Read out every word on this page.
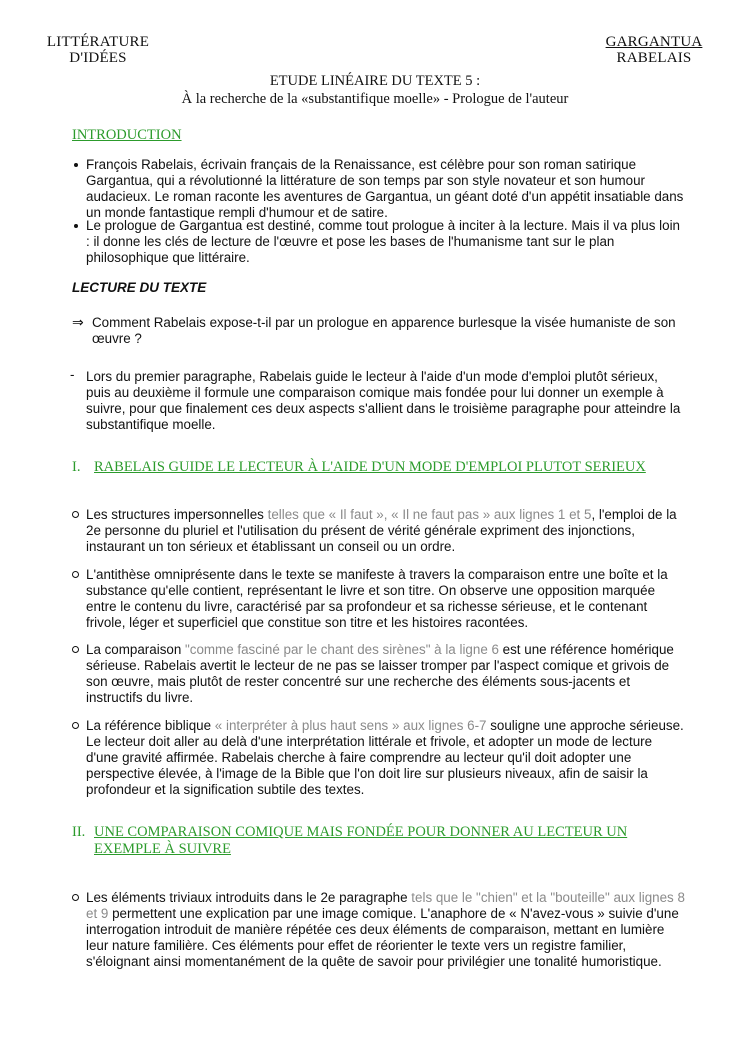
LITTÉRATURE
D'IDÉES
GARGANTUA
RABELAIS
ETUDE LINÉAIRE DU TEXTE 5 :
À la recherche de la «substantifique moelle» - Prologue de l'auteur
INTRODUCTION
François Rabelais, écrivain français de la Renaissance, est célèbre pour son roman satirique Gargantua, qui a révolutionné la littérature de son temps par son style novateur et son humour audacieux. Le roman raconte les aventures de Gargantua, un géant doté d'un appétit insatiable dans un monde fantastique rempli d'humour et de satire.
Le prologue de Gargantua est destiné, comme tout prologue à inciter à la lecture. Mais il va plus loin : il donne les clés de lecture de l'œuvre et pose les bases de l'humanisme tant sur le plan philosophique que littéraire.
LECTURE DU TEXTE
⇒ Comment Rabelais expose-t-il par un prologue en apparence burlesque la visée humaniste de son œuvre ?
- Lors du premier paragraphe, Rabelais guide le lecteur à l'aide d'un mode d'emploi plutôt sérieux, puis au deuxième il formule une comparaison comique mais fondée pour lui donner un exemple à suivre, pour que finalement ces deux aspects s'allient dans le troisième paragraphe pour atteindre la substantifique moelle.
I. RABELAIS GUIDE LE LECTEUR À L'AIDE D'UN MODE D'EMPLOI PLUTOT SERIEUX
Les structures impersonnelles telles que « Il faut », « Il ne faut pas » aux lignes 1 et 5, l'emploi de la 2e personne du pluriel et l'utilisation du présent de vérité générale expriment des injonctions, instaurant un ton sérieux et établissant un conseil ou un ordre.
L'antithèse omniprésente dans le texte se manifeste à travers la comparaison entre une boîte et la substance qu'elle contient, représentant le livre et son titre. On observe une opposition marquée entre le contenu du livre, caractérisé par sa profondeur et sa richesse sérieuse, et le contenant frivole, léger et superficiel que constitue son titre et les histoires racontées.
La comparaison "comme fasciné par le chant des sirènes" à la ligne 6 est une référence homérique sérieuse. Rabelais avertit le lecteur de ne pas se laisser tromper par l'aspect comique et grivois de son œuvre, mais plutôt de rester concentré sur une recherche des éléments sous-jacents et instructifs du livre.
La référence biblique « interpréter à plus haut sens » aux lignes 6-7 souligne une approche sérieuse. Le lecteur doit aller au delà d'une interprétation littérale et frivole, et adopter un mode de lecture d'une gravité affirmée. Rabelais cherche à faire comprendre au lecteur qu'il doit adopter une perspective élevée, à l'image de la Bible que l'on doit lire sur plusieurs niveaux, afin de saisir la profondeur et la signification subtile des textes.
II. UNE COMPARAISON COMIQUE MAIS FONDÉE POUR DONNER AU LECTEUR UN
EXEMPLE À SUIVRE
Les éléments triviaux introduits dans le 2e paragraphe tels que le "chien" et la "bouteille" aux lignes 8 et 9 permettent une explication par une image comique. L'anaphore de « N'avez-vous » suivie d'une interrogation introduit de manière répétée ces deux éléments de comparaison, mettant en lumière leur nature familière. Ces éléments pour effet de réorienter le texte vers un registre familier, s'éloignant ainsi momentanément de la quête de savoir pour privilégier une tonalité humoristique.
